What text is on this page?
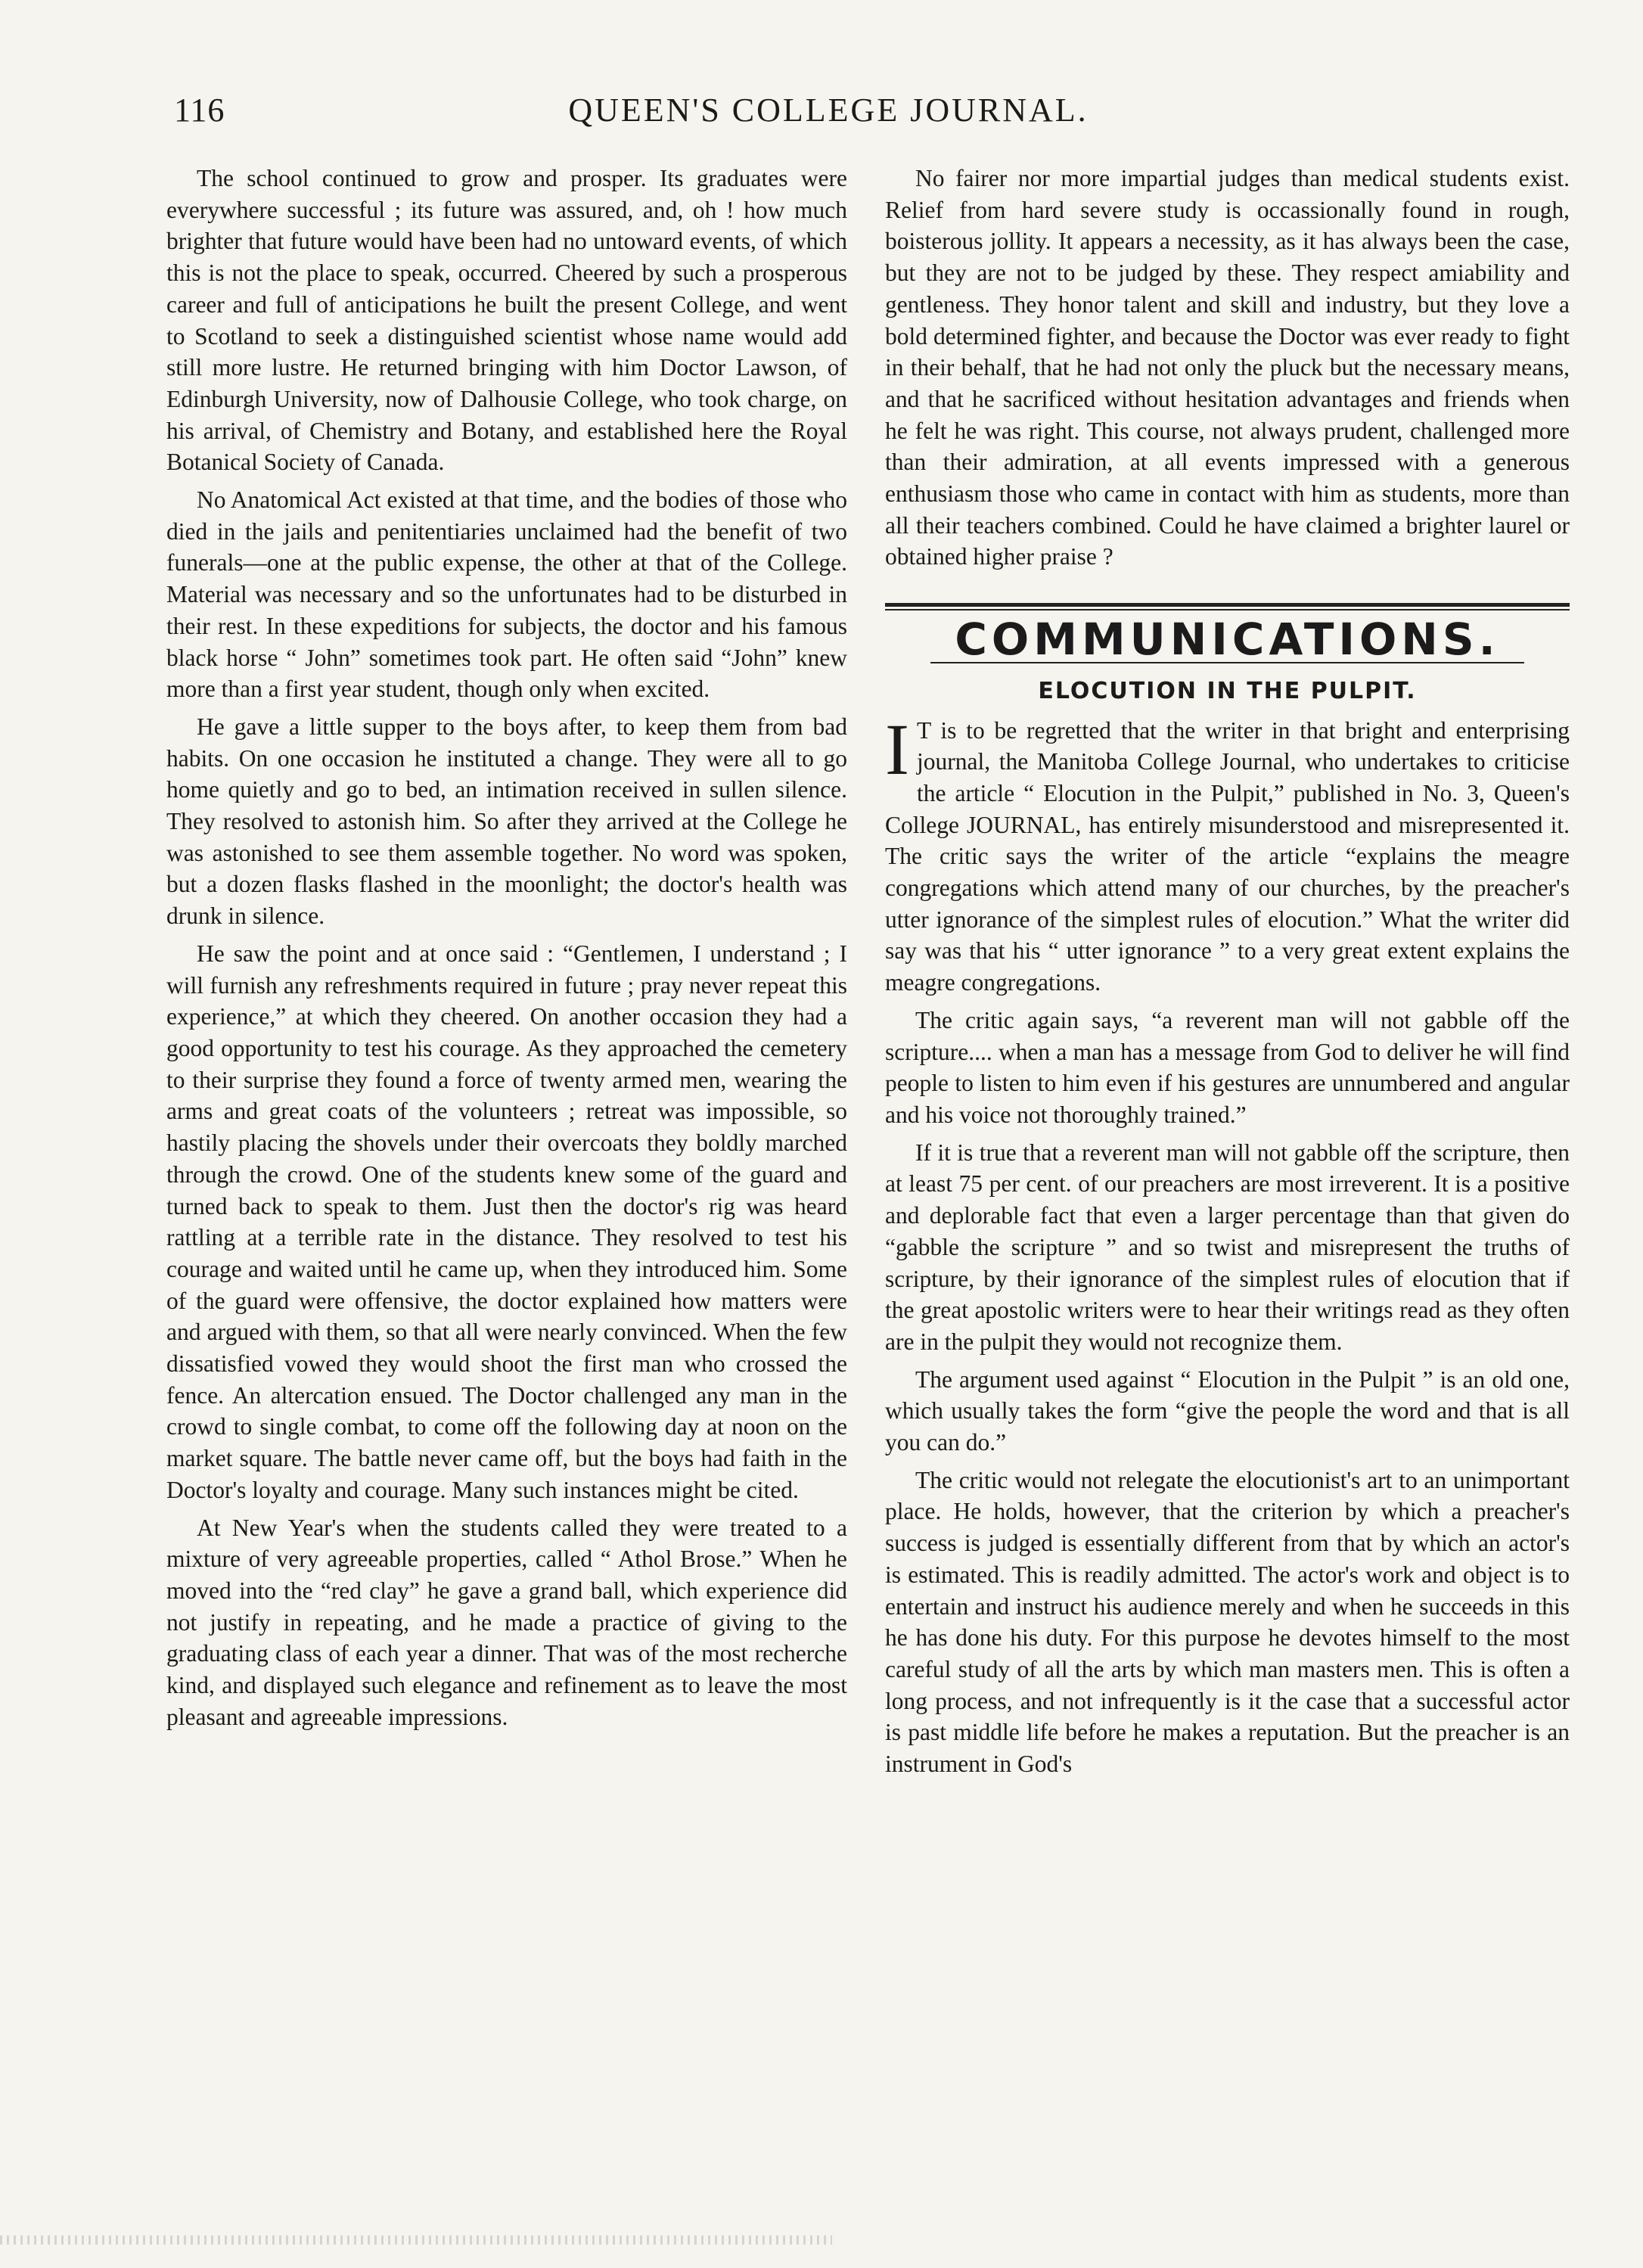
116	QUEEN'S COLLEGE JOURNAL.

The school continued to grow and prosper. Its graduates were everywhere successful ; its future was assured, and, oh ! how much brighter that future would have been had no untoward events, of which this is not the place to speak, occurred. Cheered by such a prosperous career and full of anticipations he built the present College, and went to Scotland to seek a distinguished scientist whose name would add still more lustre. He returned bringing with him Doctor Lawson, of Edinburgh University, now of Dalhousie College, who took charge, on his arrival, of Chemistry and Botany, and established here the Royal Botanical Society of Canada.

No Anatomical Act existed at that time, and the bodies of those who died in the jails and penitentiaries unclaimed had the benefit of two funerals—one at the public expense, the other at that of the College. Material was necessary and so the unfortunates had to be disturbed in their rest. In these expeditions for subjects, the doctor and his famous black horse “ John” sometimes took part. He often said “John” knew more than a first year student, though only when excited.

He gave a little supper to the boys after, to keep them from bad habits. On one occasion he instituted a change. They were all to go home quietly and go to bed, an intimation received in sullen silence. They resolved to astonish him. So after they arrived at the College he was astonished to see them assemble together. No word was spoken, but a dozen flasks flashed in the moonlight; the doctor's health was drunk in silence.

He saw the point and at once said : “Gentlemen, I understand ; I will furnish any refreshments required in future ; pray never repeat this experience,” at which they cheered. On another occasion they had a good opportunity to test his courage. As they approached the cemetery to their surprise they found a force of twenty armed men, wearing the arms and great coats of the volunteers ; retreat was impossible, so hastily placing the shovels under their overcoats they boldly marched through the crowd. One of the students knew some of the guard and turned back to speak to them. Just then the doctor's rig was heard rattling at a terrible rate in the distance. They resolved to test his courage and waited until he came up, when they introduced him. Some of the guard were offensive, the doctor explained how matters were and argued with them, so that all were nearly convinced. When the few dissatisfied vowed they would shoot the first man who crossed the fence. An altercation ensued. The Doctor challenged any man in the crowd to single combat, to come off the following day at noon on the market square. The battle never came off, but the boys had faith in the Doctor's loyalty and courage. Many such instances might be cited.

At New Year's when the students called they were treated to a mixture of very agreeable properties, called “ Athol Brose.” When he moved into the “red clay” he gave a grand ball, which experience did not justify in repeating, and he made a practice of giving to the graduating class of each year a dinner. That was of the most recherche kind, and displayed such elegance and refinement as to leave the most pleasant and agreeable impressions.

No fairer nor more impartial judges than medical students exist. Relief from hard severe study is occassionally found in rough, boisterous jollity. It appears a necessity, as it has always been the case, but they are not to be judged by these. They respect amiability and gentleness. They honor talent and skill and industry, but they love a bold determined fighter, and because the Doctor was ever ready to fight in their behalf, that he had not only the pluck but the necessary means, and that he sacrificed without hesitation advantages and friends when he felt he was right. This course, not always prudent, challenged more than their admiration, at all events impressed with a generous enthusiasm those who came in contact with him as students, more than all their teachers combined. Could he have claimed a brighter laurel or obtained higher praise ?

COMMUNICATIONS.
ELOCUTION IN THE PULPIT.

I T is to be regretted that the writer in that bright and enterprising journal, the Manitoba College Journal, who undertakes to criticise the article “ Elocution in the Pulpit,” published in No. 3, Queen's College JOURNAL, has entirely misunderstood and misrepresented it. The critic says the writer of the article “explains the meagre congregations which attend many of our churches, by the preacher's utter ignorance of the simplest rules of elocution.” What the writer did say was that his “ utter ignorance ” to a very great extent explains the meagre congregations.

The critic again says, “a reverent man will not gabble off the scripture.... when a man has a message from God to deliver he will find people to listen to him even if his gestures are unnumbered and angular and his voice not thoroughly trained.”

If it is true that a reverent man will not gabble off the scripture, then at least 75 per cent. of our preachers are most irreverent. It is a positive and deplorable fact that even a larger percentage than that given do “gabble the scripture ” and so twist and misrepresent the truths of scripture, by their ignorance of the simplest rules of elocution that if the great apostolic writers were to hear their writings read as they often are in the pulpit they would not recognize them.

The argument used against “ Elocution in the Pulpit ” is an old one, which usually takes the form “give the people the word and that is all you can do.”

The critic would not relegate the elocutionist's art to an unimportant place. He holds, however, that the criterion by which a preacher's success is judged is essentially different from that by which an actor's is estimated. This is readily admitted. The actor's work and object is to entertain and instruct his audience merely and when he succeeds in this he has done his duty. For this purpose he devotes himself to the most careful study of all the arts by which man masters men. This is often a long process, and not infrequently is it the case that a successful actor is past middle life before he makes a reputation. But the preacher is an instrument in God's
